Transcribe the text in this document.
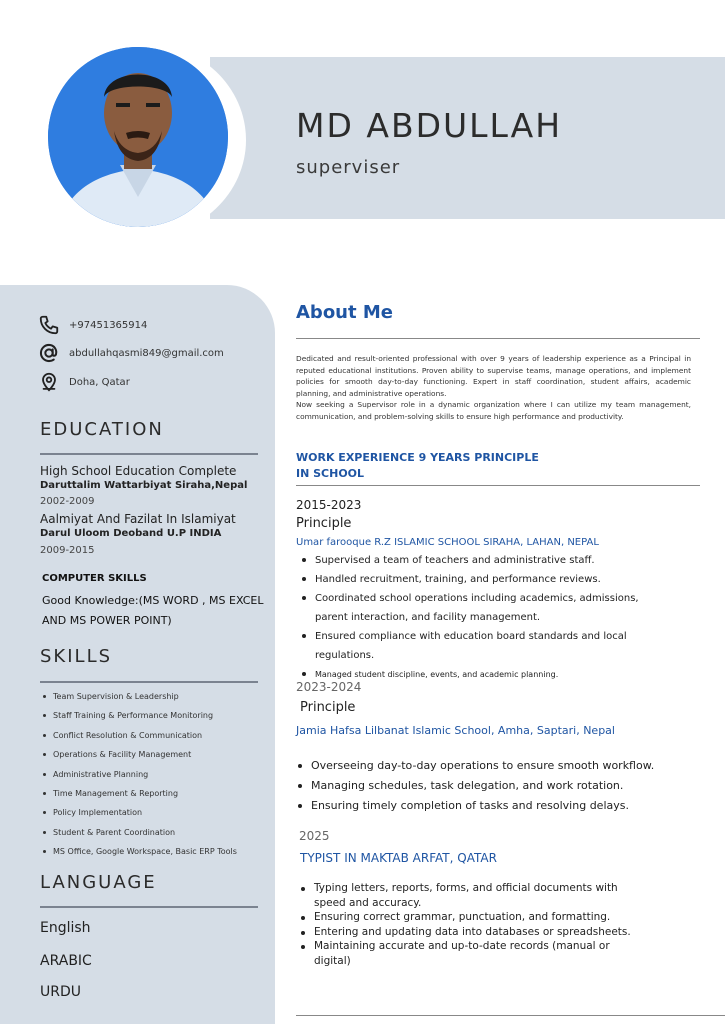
MD ABDULLAH
superviser
+97451365914
abdullahqasmi849@gmail.com
Doha, Qatar
EDUCATION
High School Education Complete
Daruttalim Wattarbiyat Siraha,Nepal
2002-2009
Aalmiyat And Fazilat In Islamiyat
Darul Uloom Deoband U.P INDIA
2009-2015
COMPUTER SKILLS
Good Knowledge:(MS WORD , MS EXCEL AND MS POWER POINT)
SKILLS
Team Supervision & Leadership
Staff Training & Performance Monitoring
Conflict Resolution & Communication
Operations & Facility Management
Administrative Planning
Time Management & Reporting
Policy Implementation
Student & Parent Coordination
MS Office, Google Workspace, Basic ERP Tools
LANGUAGE
English
ARABIC
URDU
About Me

Dedicated and result-oriented professional with over 9 years of leadership experience as a Principal in reputed educational institutions. Proven ability to supervise teams, manage operations, and implement policies for smooth day-to-day functioning. Expert in staff coordination, student affairs, academic planning, and administrative operations.

Now seeking a Supervisor role in a dynamic organization where I can utilize my team management, communication, and problem-solving skills to ensure high performance and productivity.

WORK EXPERIENCE 9 YEARS PRINCIPLE
IN SCHOOL
2015-2023
Principle
Umar farooque R.Z ISLAMIC SCHOOL SIRAHA, LAHAN, NEPAL
Supervised a team of teachers and administrative staff.
Handled recruitment, training, and performance reviews.
Coordinated school operations including academics, admissions, parent interaction, and facility management.
Ensured compliance with education board standards and local regulations.
Managed student discipline, events, and academic planning.
2023-2024
Principle
Jamia Hafsa Lilbanat Islamic School, Amha, Saptari, Nepal
Overseeing day-to-day operations to ensure smooth workflow.
Managing schedules, task delegation, and work rotation.
Ensuring timely completion of tasks and resolving delays.
2025
TYPIST IN MAKTAB ARFAT, QATAR
Typing letters, reports, forms, and official documents with speed and accuracy.
Ensuring correct grammar, punctuation, and formatting.
Entering and updating data into databases or spreadsheets.
Maintaining accurate and up-to-date records (manual or digital)
